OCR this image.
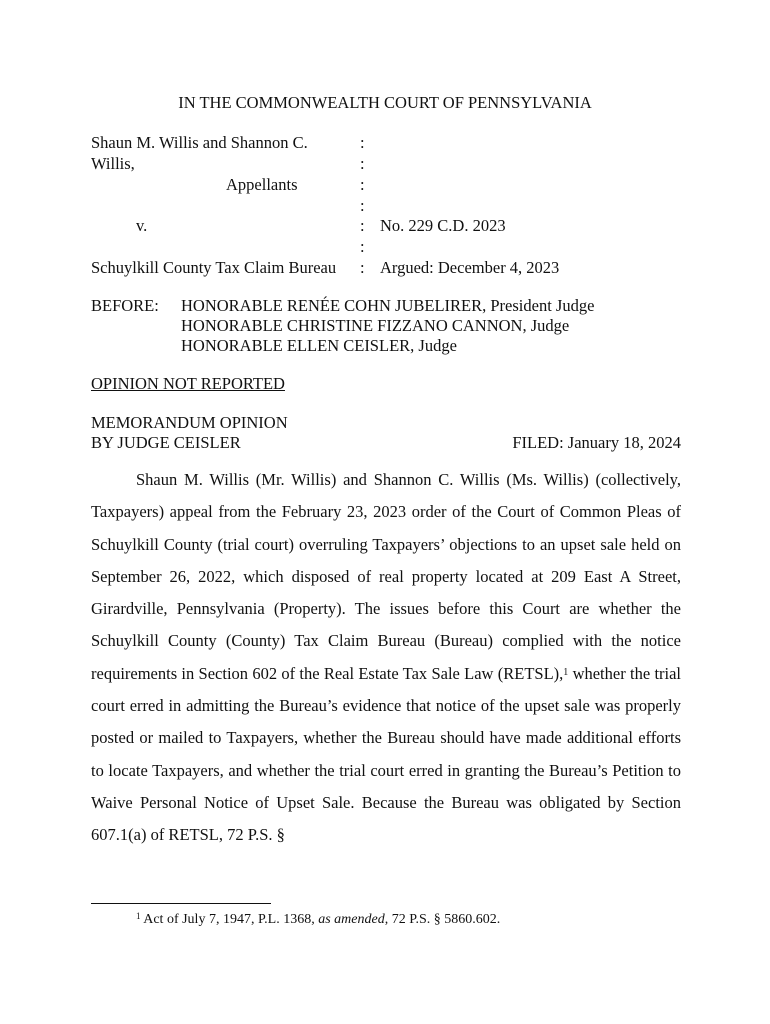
IN THE COMMONWEALTH COURT OF PENNSYLVANIA
Shaun M. Willis and Shannon C.
Willis,
Appellants
v.
Schuylkill County Tax Claim Bureau
:
:
:
:
:
:
:
No. 229 C.D. 2023
Argued: December 4, 2023
BEFORE: HONORABLE RENÉE COHN JUBELIRER, President Judge
HONORABLE CHRISTINE FIZZANO CANNON, Judge
HONORABLE ELLEN CEISLER, Judge
OPINION NOT REPORTED
MEMORANDUM OPINION
BY JUDGE CEISLER	FILED: January 18, 2024
Shaun M. Willis (Mr. Willis) and Shannon C. Willis (Ms. Willis) (collectively, Taxpayers) appeal from the February 23, 2023 order of the Court of Common Pleas of Schuylkill County (trial court) overruling Taxpayers’ objections to an upset sale held on September 26, 2022, which disposed of real property located at 209 East A Street, Girardville, Pennsylvania (Property). The issues before this Court are whether the Schuylkill County (County) Tax Claim Bureau (Bureau) complied with the notice requirements in Section 602 of the Real Estate Tax Sale Law (RETSL),$^1$ whether the trial court erred in admitting the Bureau’s evidence that notice of the upset sale was properly posted or mailed to Taxpayers, whether the Bureau should have made additional efforts to locate Taxpayers, and whether the trial court erred in granting the Bureau’s Petition to Waive Personal Notice of Upset Sale. Because the Bureau was obligated by Section 607.1(a) of RETSL, 72 P.S. §
$^1$ Act of July 7, 1947, P.L. 1368, as amended, 72 P.S. § 5860.602.
